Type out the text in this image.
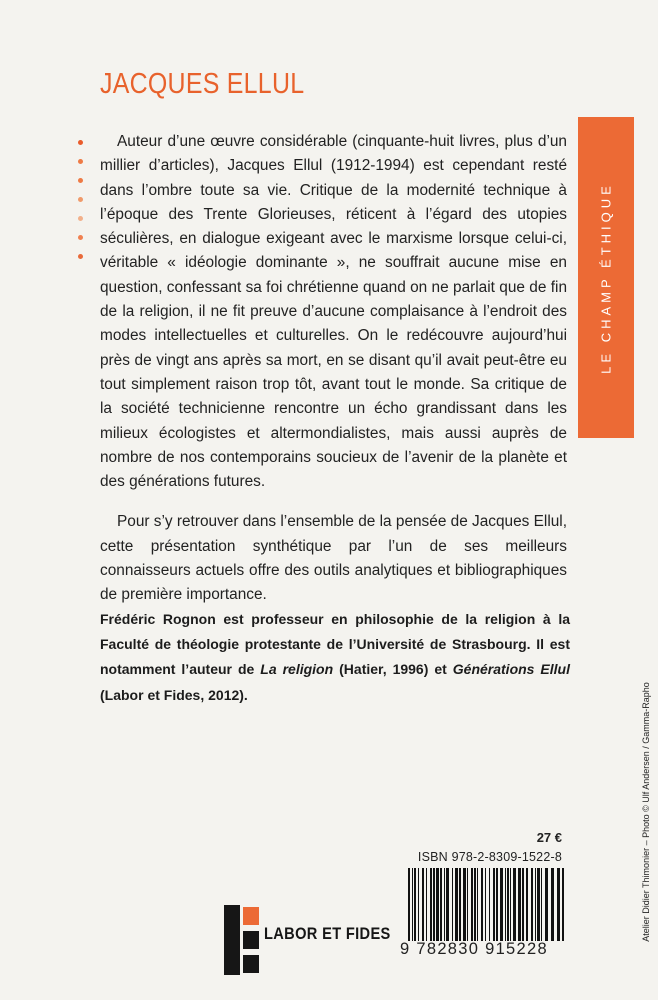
JACQUES ELLUL

Auteur d’une œuvre considérable (cinquante-huit livres, plus d’un millier d’articles), Jacques Ellul (1912-1994) est cependant resté dans l’ombre toute sa vie. Critique de la modernité technique à l’époque des Trente Glorieuses, réticent à l’égard des utopies séculières, en dialogue exigeant avec le marxisme lorsque celui-ci, véritable « idéologie dominante », ne souffrait aucune mise en question, confessant sa foi chrétienne quand on ne parlait que de fin de la religion, il ne fit preuve d’aucune complaisance à l’endroit des modes intellectuelles et culturelles. On le redécouvre aujourd’hui près de vingt ans après sa mort, en se disant qu’il avait peut-être eu tout simplement raison trop tôt, avant tout le monde. Sa critique de la société technicienne rencontre un écho grandissant dans les milieux écologistes et altermondialistes, mais aussi auprès de nombre de nos contemporains soucieux de l’avenir de la planète et des générations futures.

Pour s’y retrouver dans l’ensemble de la pensée de Jacques Ellul, cette présentation synthétique par l’un de ses meilleurs connaisseurs actuels offre des outils analytiques et bibliographiques de première importance.

Frédéric Rognon est professeur en philosophie de la religion à la Faculté de théologie protestante de l’Université de Strasbourg. Il est notamment l’auteur de La religion (Hatier, 1996) et Générations Ellul (Labor et Fides, 2012).
LE CHAMP ÉTHIQUE
Atelier Didier Thimonier – Photo © Ulf Andersen / Gamma-Rapho
27 €
ISBN 978-2-8309-1522-8
9 782830 915228
LABOR ET FIDES
